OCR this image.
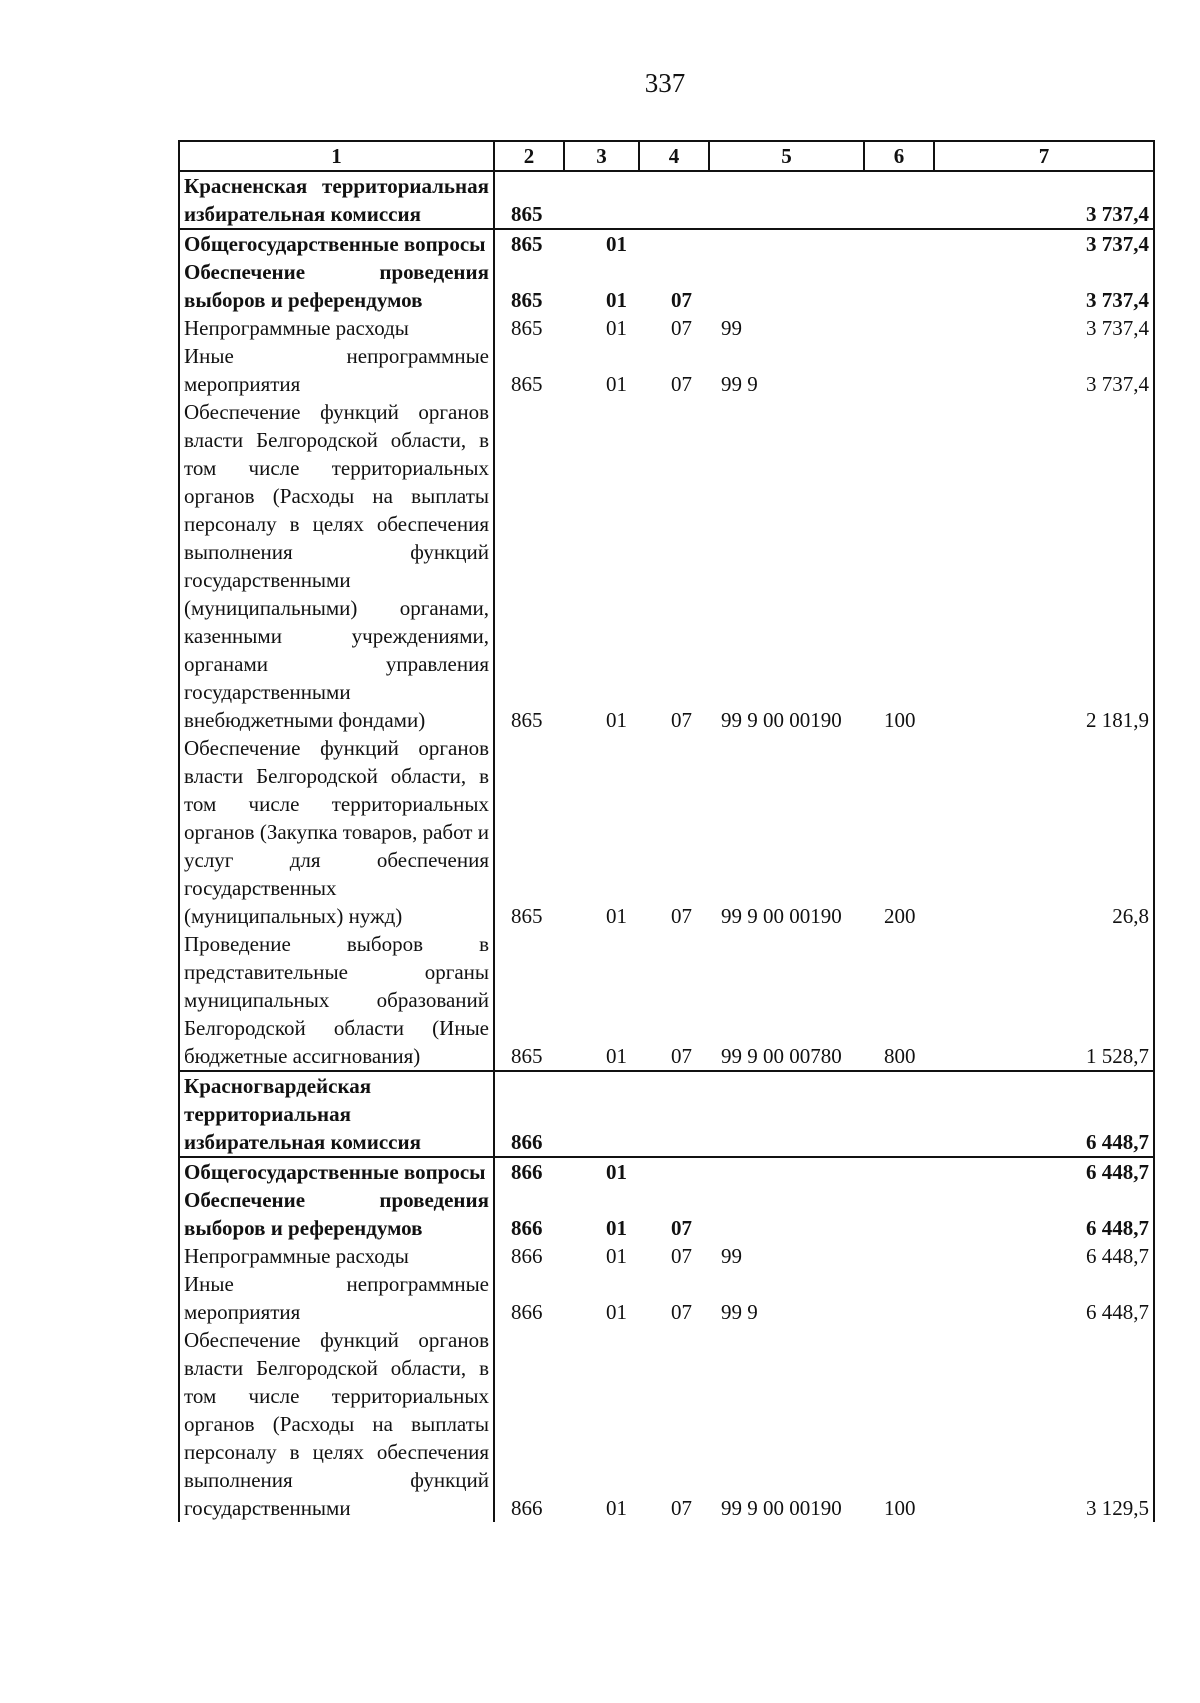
337
1	2	3	4	5	6	7
Красненская территориальная избирательная комиссия	865					3 737,4
Общегосударственные вопросы	865	01				3 737,4
Обеспечение проведения выборов и референдумов	865	01	07			3 737,4
Непрограммные расходы	865	01	07	99		3 737,4
Иные непрограммные мероприятия	865	01	07	99 9		3 737,4
Обеспечение функций органов власти Белгородской области, в том числе территориальных органов (Расходы на выплаты персоналу в целях обеспечения выполнения функций государственными (муниципальными) органами, казенными учреждениями, органами управления государственными внебюджетными фондами)	865	01	07	99 9 00 00190	100	2 181,9
Обеспечение функций органов власти Белгородской области, в том числе территориальных органов (Закупка товаров, работ и услуг для обеспечения государственных (муниципальных) нужд)	865	01	07	99 9 00 00190	200	26,8
Проведение выборов в представительные органы муниципальных образований Белгородской области (Иные бюджетные ассигнования)	865	01	07	99 9 00 00780	800	1 528,7
Красногвардейская территориальная избирательная комиссия	866					6 448,7
Общегосударственные вопросы	866	01				6 448,7
Обеспечение проведения выборов и референдумов	866	01	07			6 448,7
Непрограммные расходы	866	01	07	99		6 448,7
Иные непрограммные мероприятия	866	01	07	99 9		6 448,7
Обеспечение функций органов власти Белгородской области, в том числе территориальных органов (Расходы на выплаты персоналу в целях обеспечения выполнения функций государственными	866	01	07	99 9 00 00190	100	3 129,5
